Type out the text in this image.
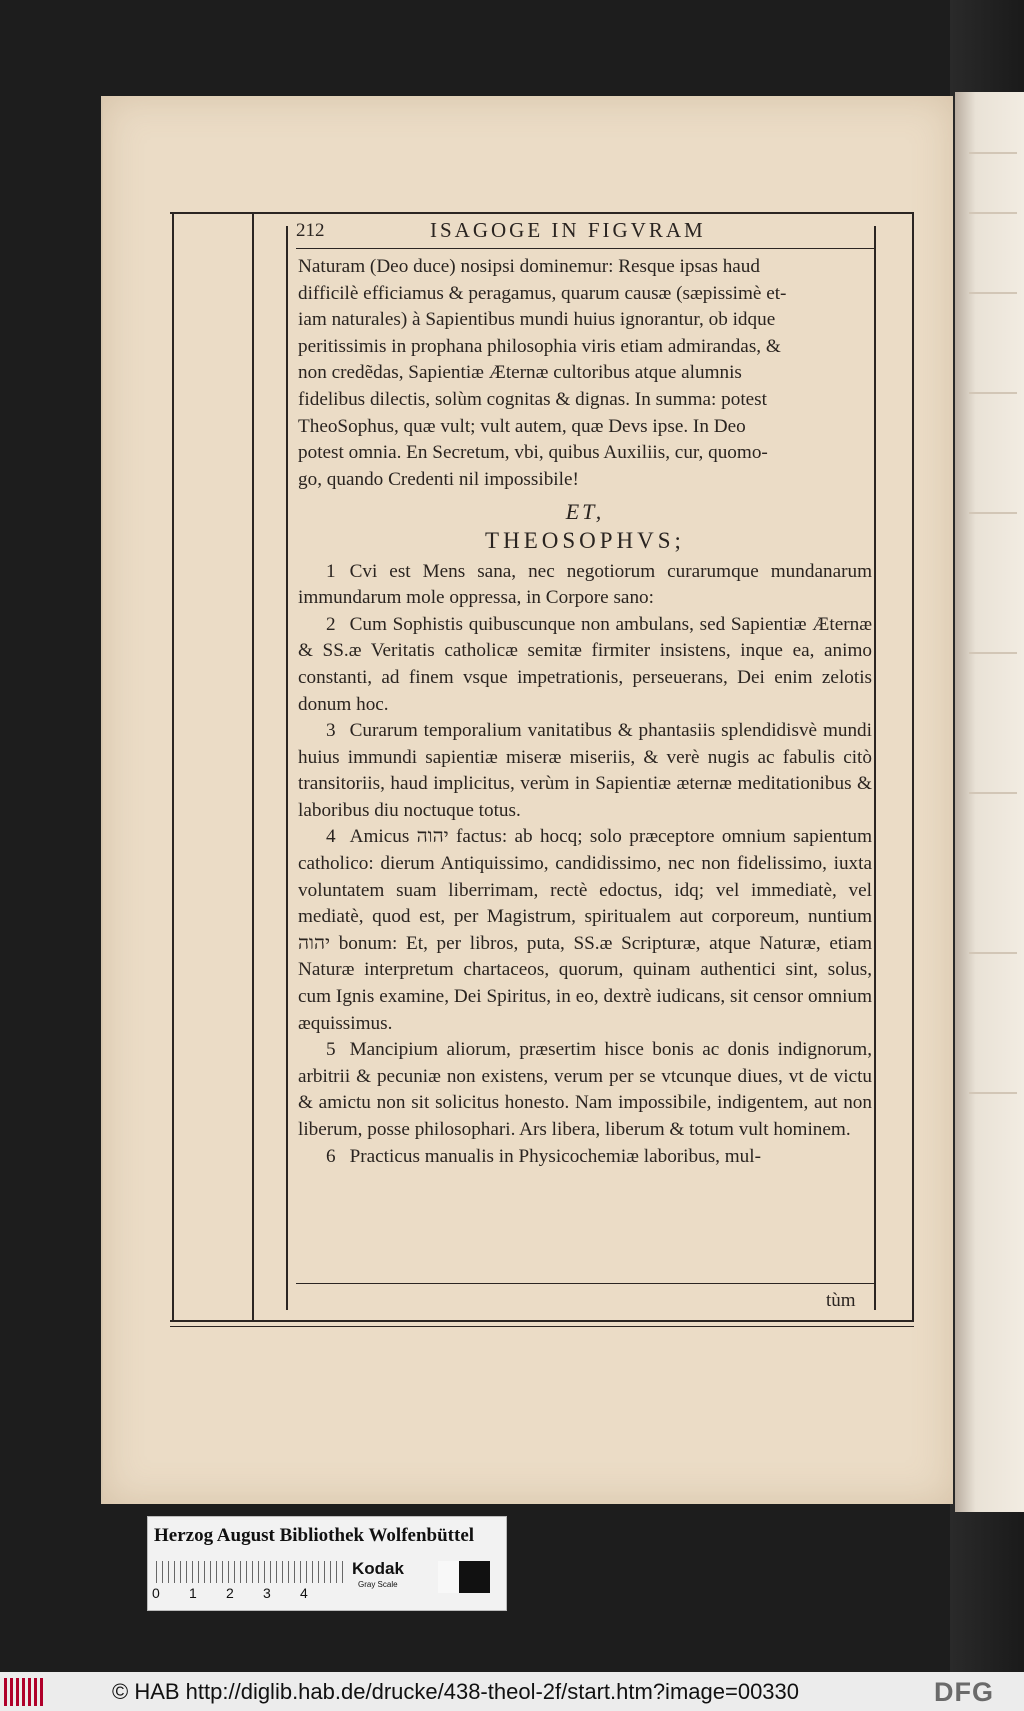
212	ISAGOGE IN FIGVRAM

Naturam (Deo duce) nosipsi dominemur: Resque ipsas haud

difficilè efficiamus & peragamus, quarum causæ (sæpissimè et-

iam naturales) à Sapientibus mundi huius ignorantur, ob idque

peritissimis in prophana philosophia viris etiam admirandas, &

non credẽdas, Sapientiæ Æternæ cultoribus atque alumnis

fidelibus dilectis, solùm cognitas & dignas. In summa: potest

TheoSophus, quæ vult; vult autem, quæ Devs ipse. In Deo

potest omnia. En Secretum, vbi, quibus Auxiliis, cur, quomo-

go, quando Credenti nil impossibile!

ET,
THEOSOPHVS;

1 Cvi est Mens sana, nec negotiorum curarumque mundanarum immundarum mole oppressa, in Corpore sano:

2 Cum Sophistis quibuscunque non ambulans, sed Sapientiæ Æternæ & SS.æ Veritatis catholicæ semitæ firmiter insistens, inque ea, animo constanti, ad finem vsque impetrationis, perseuerans, Dei enim zelotis donum hoc.

3 Curarum temporalium vanitatibus & phantasiis splendidisvè mundi huius immundi sapientiæ miseræ miseriis, & verè nugis ac fabulis citò transitoriis, haud implicitus, verùm in Sapientiæ æternæ meditationibus & laboribus diu noctuque totus.

4 Amicus יהוה factus: ab hocq; solo præceptore omnium sapientum catholico: dierum Antiquissimo, candidissimo, nec non fidelissimo, iuxta voluntatem suam liberrimam, rectè edoctus, idq; vel immediatè, vel mediatè, quod est, per Magistrum, spiritualem aut corporeum, nuntium יהוה bonum: Et, per libros, puta, SS.æ Scripturæ, atque Naturæ, etiam Naturæ interpretum chartaceos, quorum, quinam authentici sint, solus, cum Ignis examine, Dei Spiritus, in eo, dextrè iudicans, sit censor omnium æquissimus.

5 Mancipium aliorum, præsertim hisce bonis ac donis indignorum, arbitrii & pecuniæ non existens, verum per se vtcunque diues, vt de victu & amictu non sit solicitus honesto. Nam impossibile, indigentem, aut non liberum, posse philosophari. Ars libera, liberum & totum vult hominem.

6 Practicus manualis in Physicochemiæ laboribus, mul-

tùm
Herzog August Bibliothek Wolfenbüttel
0 1 2 3 4
Kodak
Gray Scale
© HAB http://diglib.hab.de/drucke/438-theol-2f/start.htm?image=00330	DFG
